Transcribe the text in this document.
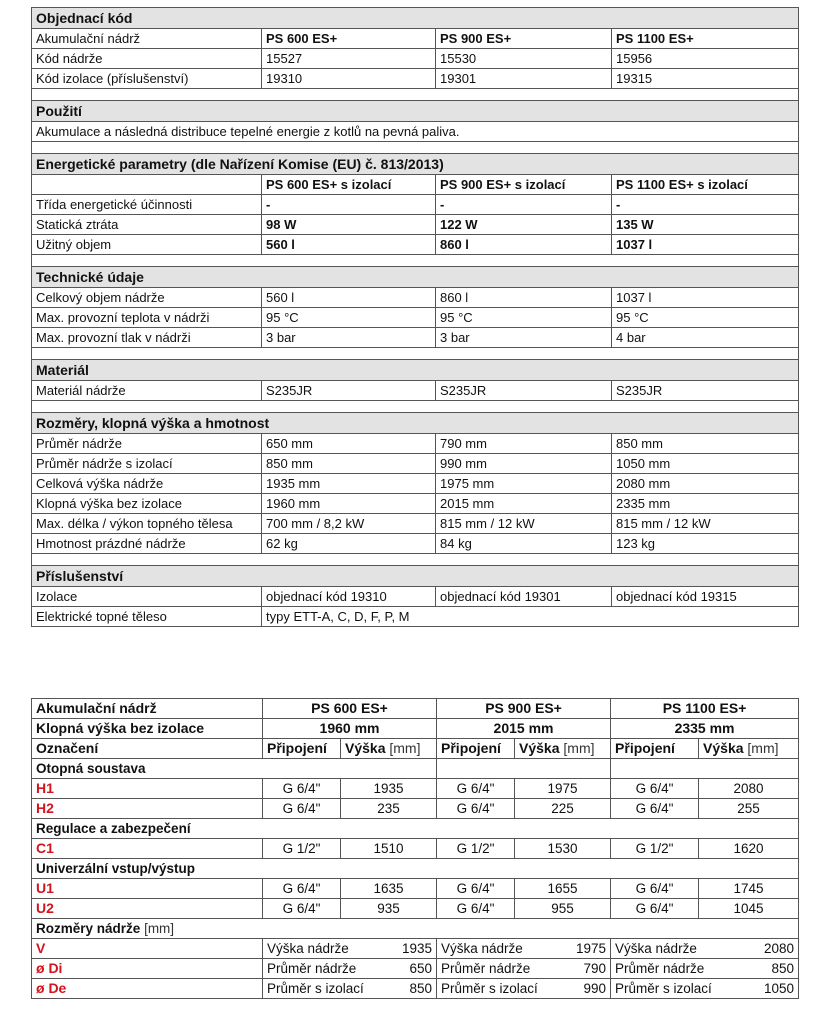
Objednací kód			
Akumulační nádrž	PS 600 ES+	PS 900 ES+	PS 1100 ES+
Kód nádrže	15527	15530	15956
Kód izolace (příslušenství)	19310	19301	19315

Použití			
Akumulace a následná distribuce tepelné energie z kotlů na pevná paliva.			

Energetické parametry (dle Nařízení Komise (EU) č. 813/2013)			
	PS 600 ES+ s izolací	PS 900 ES+ s izolací	PS 1100 ES+ s izolací
Třída energetické účinnosti	-	-	-
Statická ztráta	98 W	122 W	135 W
Užitný objem	560 l	860 l	1037 l

Technické údaje			
Celkový objem nádrže	560 l	860 l	1037 l
Max. provozní teplota v nádrži	95 °C	95 °C	95 °C
Max. provozní tlak v nádrži	3 bar	3 bar	4 bar

Materiál			
Materiál nádrže	S235JR	S235JR	S235JR

Rozměry, klopná výška a hmotnost			
Průměr nádrže	650 mm	790 mm	850 mm
Průměr nádrže s izolací	850 mm	990 mm	1050 mm
Celková výška nádrže	1935 mm	1975 mm	2080 mm
Klopná výška bez izolace	1960 mm	2015 mm	2335 mm
Max. délka / výkon topného tělesa	700 mm / 8,2 kW	815 mm / 12 kW	815 mm / 12 kW
Hmotnost prázdné nádrže	62 kg	84 kg	123 kg

Příslušenství			
Izolace	objednací kód 19310	objednací kód 19301	objednací kód 19315
Elektrické topné těleso	typy ETT-A, C, D, F, P, M		
Akumulační nádrž	PS 600 ES+		PS 900 ES+		PS 1100 ES+	
Klopná výška bez izolace	1960 mm		2015 mm		2335 mm	
Označení	Připojení	Výška [mm]	Připojení	Výška [mm]	Připojení	Výška [mm]
Otopná soustava						
H1	G 6/4"	1935	G 6/4"	1975	G 6/4"	2080
H2	G 6/4"	235	G 6/4"	225	G 6/4"	255
Regulace a zabezpečení						
C1	G 1/2"	1510	G 1/2"	1530	G 1/2"	1620
Univerzální vstup/výstup						
U1	G 6/4"	1635	G 6/4"	1655	G 6/4"	1745
U2	G 6/4"	935	G 6/4"	955	G 6/4"	1045
Rozměry nádrže [mm]						
V	Výška nádrže 1935		Výška nádrže 1975		Výška nádrže 2080	

ø Di	Průměr nádrže 650		Průměr nádrže 790		Průměr nádrže 850	

ø De	Průměr s izolací 850		Průměr s izolací 990		Průměr s izolací 1050	
